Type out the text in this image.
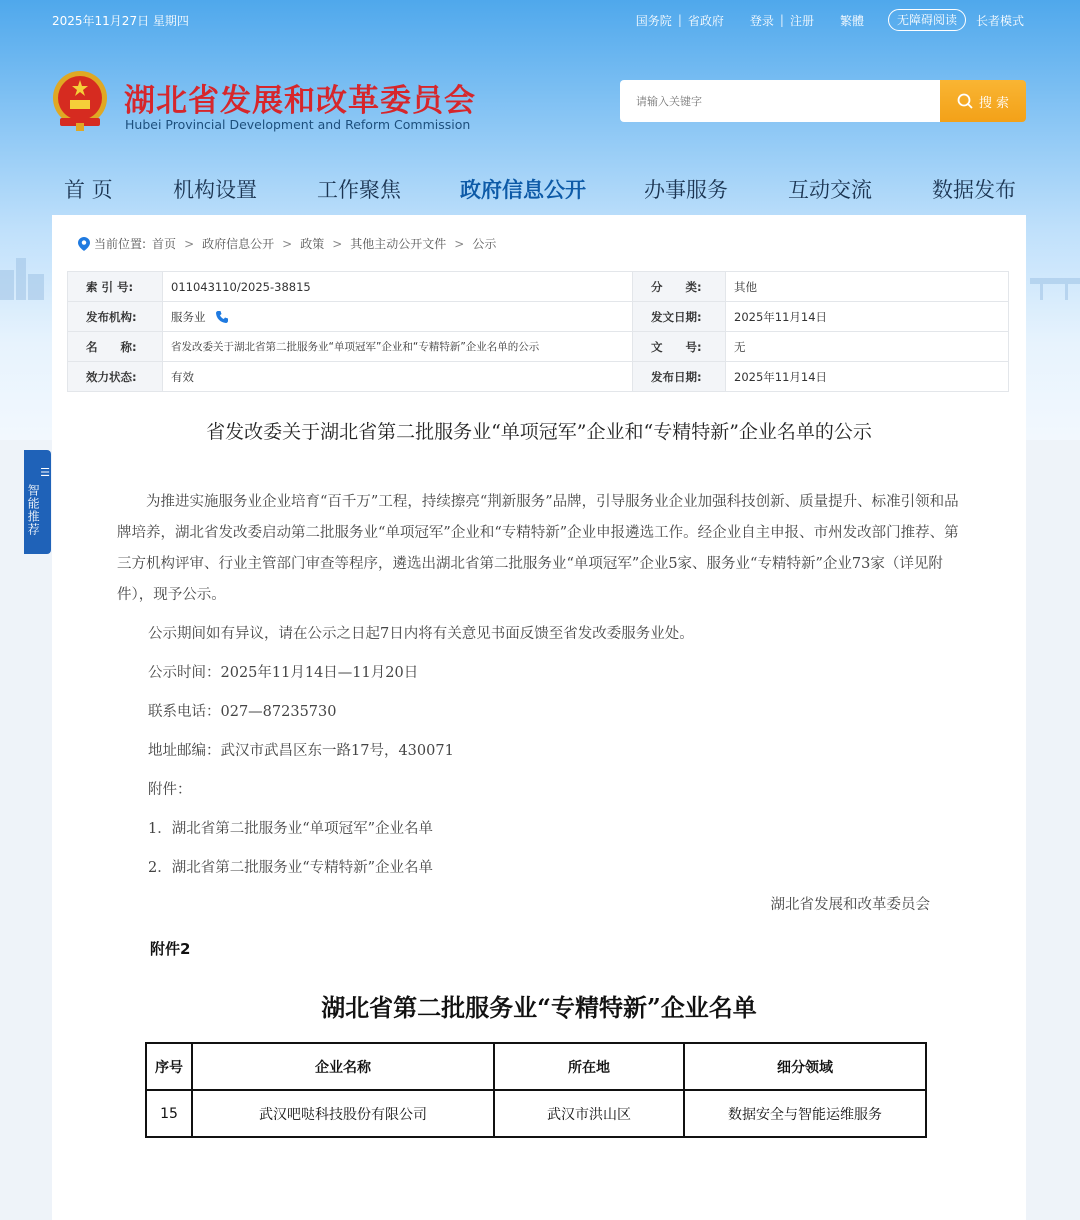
2025年11月27日 星期四	国务院 | 省政府 登录 | 注册 繁體	无障碍阅读	长者模式
湖北省发展和改革委员会
Hubei Provincial Development and Reform Commission
请输入关键字
搜 索
首 页	机构设置	工作聚焦	政府信息公开	办事服务	互动交流	数据发布
☰
智能推荐
当前位置: 首页 > 政府信息公开 > 政策 > 其他主动公开文件 > 公示
索 引 号:	011043110/2025-38815	分　　类:	其他
发布机构:	服务业	发文日期:	2025年11月14日
名　　称:	省发改委关于湖北省第二批服务业“单项冠军”企业和“专精特新”企业名单的公示	文　　号:	无
效力状态:	有效	发布日期:	2025年11月14日
省发改委关于湖北省第二批服务业“单项冠军”企业和“专精特新”企业名单的公示

为推进实施服务业企业培育“百千万”工程，持续擦亮“荆新服务”品牌，引导服务业企业加强科技创新、质量提升、标准引领和品牌培养，湖北省发改委启动第二批服务业“单项冠军”企业和“专精特新”企业申报遴选工作。经企业自主申报、市州发改部门推荐、第三方机构评审、行业主管部门审查等程序，遴选出湖北省第二批服务业“单项冠军”企业5家、服务业“专精特新”企业73家（详见附件），现予公示。

公示期间如有异议，请在公示之日起7日内将有关意见书面反馈至省发改委服务业处。

公示时间：2025年11月14日—11月20日

联系电话：027—87235730

地址邮编：武汉市武昌区东一路17号，430071

附件：

1．湖北省第二批服务业“单项冠军”企业名单

2．湖北省第二批服务业“专精特新”企业名单

湖北省发展和改革委员会
附件2
湖北省第二批服务业“专精特新”企业名单
序号	企业名称	所在地	细分领域
15	武汉吧哒科技股份有限公司	武汉市洪山区	数据安全与智能运维服务
